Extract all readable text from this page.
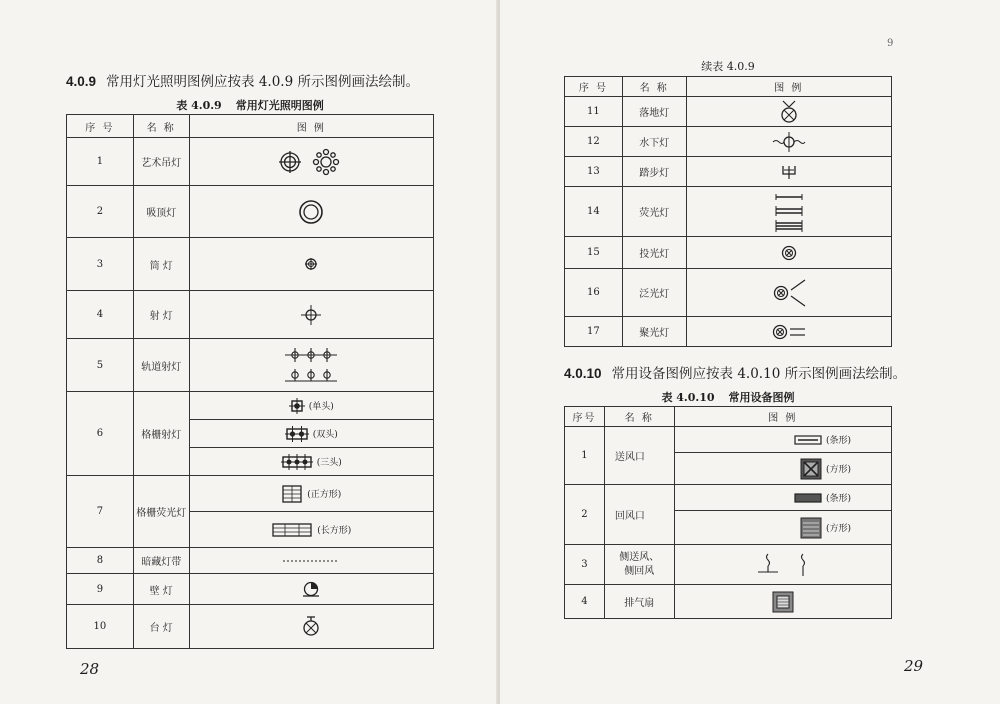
4.0.9 常用灯光照明图例应按表 4.0.9 所示图例画法绘制。
表 4.0.9 常用灯光照明图例
序 号	名 称	图 例
1	艺术吊灯	
2	吸顶灯	
3	筒 灯	
4	射 灯	
5	轨道射灯	
6	格栅射灯	(单头)
		(双头)
		(三头)
7	格栅荧光灯	(正方形)
		(长方形)
8	暗藏灯带	
9	壁 灯	
10	台 灯	
28
9
续表 4.0.9
序 号	名 称	图 例
11	落地灯	
12	水下灯	
13	踏步灯	
14	荧光灯	
15	投光灯	
16	泛光灯	
17	聚光灯	
4.0.10 常用设备图例应按表 4.0.10 所示图例画法绘制。
表 4.0.10 常用设备图例
序号	名 称	图 例
1	送风口	(条形)
		(方形)
2	回风口	(条形)
		(方形)
3	侧送风、
侧回风

4	排气扇	
29
